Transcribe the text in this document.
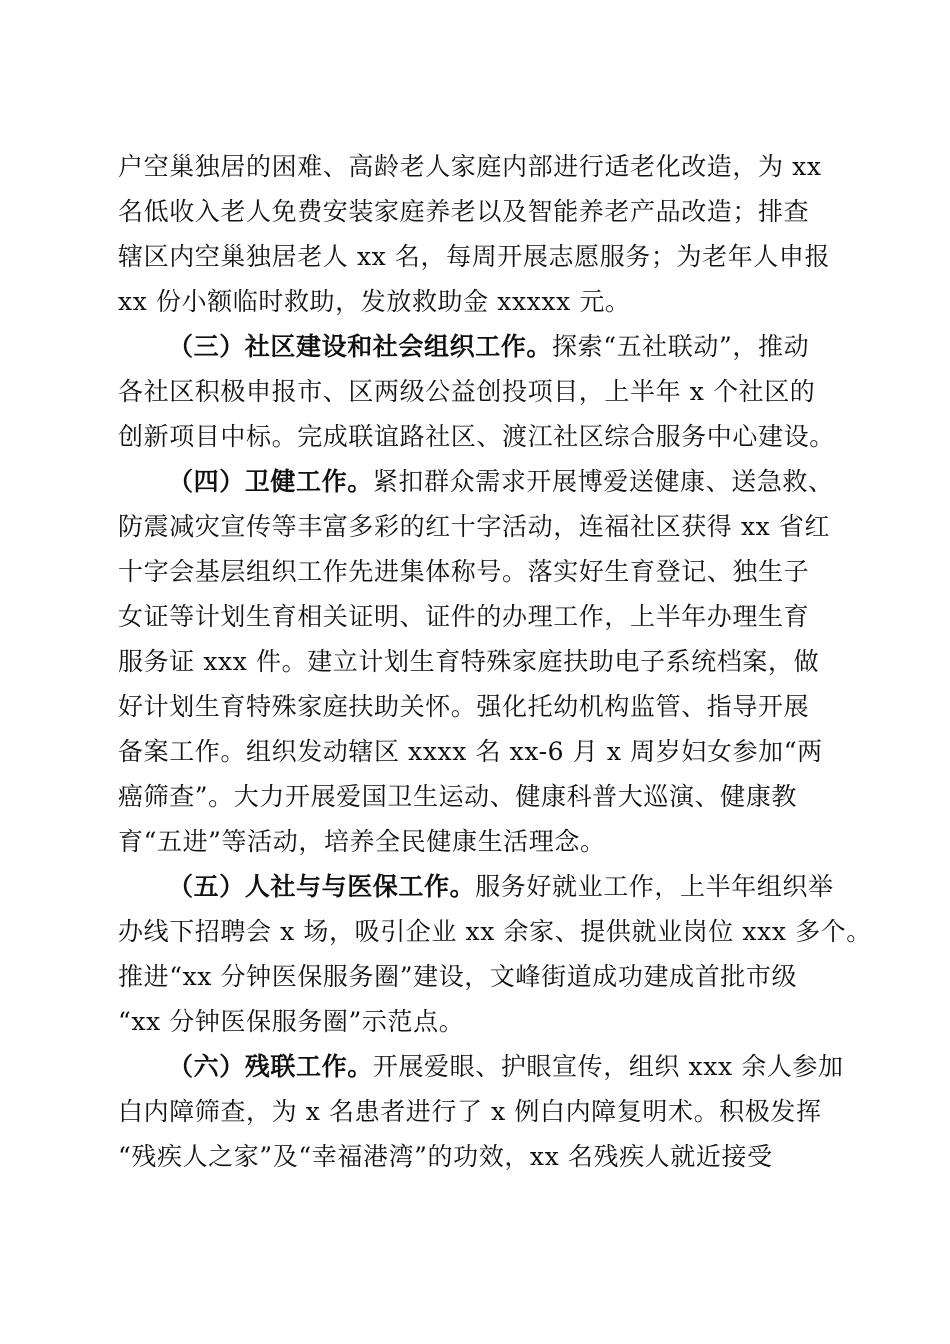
户空巢独居的困难、高龄老人家庭内部进行适老化改造，为 xx
名低收入老人免费安装家庭养老以及智能养老产品改造；排查
辖区内空巢独居老人 xx 名，每周开展志愿服务；为老年人申报
xx 份小额临时救助，发放救助金 xxxxx 元。
（三）社区建设和社会组织工作。探索“五社联动”，推动
各社区积极申报市、区两级公益创投项目，上半年 x 个社区的
创新项目中标。完成联谊路社区、渡江社区综合服务中心建设。
（四）卫健工作。紧扣群众需求开展博爱送健康、送急救、
防震减灾宣传等丰富多彩的红十字活动，连福社区获得 xx 省红
十字会基层组织工作先进集体称号。落实好生育登记、独生子
女证等计划生育相关证明、证件的办理工作，上半年办理生育
服务证 xxx 件。建立计划生育特殊家庭扶助电子系统档案，做
好计划生育特殊家庭扶助关怀。强化托幼机构监管、指导开展
备案工作。组织发动辖区 xxxx 名 xx-6 月 x 周岁妇女参加“两
癌筛查”。大力开展爱国卫生运动、健康科普大巡演、健康教
育“五进”等活动，培养全民健康生活理念。
（五）人社与与医保工作。服务好就业工作，上半年组织举
办线下招聘会 x 场，吸引企业 xx 余家、提供就业岗位 xxx 多个。
推进“xx 分钟医保服务圈”建设，文峰街道成功建成首批市级
“xx 分钟医保服务圈”示范点。
（六）残联工作。开展爱眼、护眼宣传，组织 xxx 余人参加
白内障筛查，为 x 名患者进行了 x 例白内障复明术。积极发挥
“残疾人之家”及“幸福港湾”的功效，xx 名残疾人就近接受
